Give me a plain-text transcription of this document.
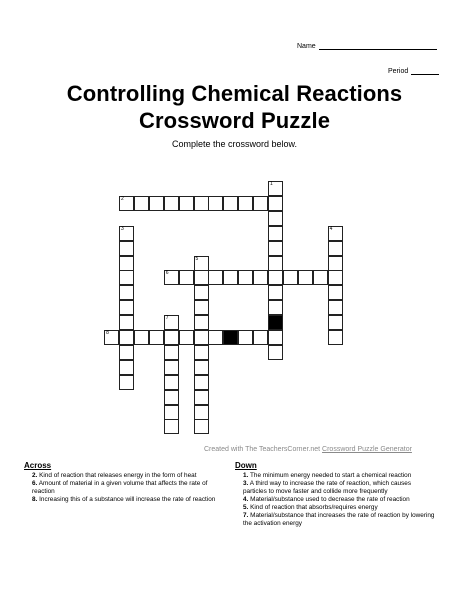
Name
Period
Controlling Chemical Reactions
Crossword Puzzle
Complete the crossword below.
1
2
3	4
5
6
7
8
Created with The TeachersCorner.net Crossword Puzzle Generator
Across
2. Kind of reaction that releases energy in the form of heat
6. Amount of material in a given volume that affects the rate of reaction
8. Increasing this of a substance will increase the rate of reaction
Down
1. The minimum energy needed to start a chemical reaction
3. A third way to increase the rate of reaction, which causes particles to move faster and collide more frequently
4. Material/substance used to decrease the rate of reaction
5. Kind of reaction that absorbs/requires energy
7. Material/substance that increases the rate of reaction by lowering the activation energy
